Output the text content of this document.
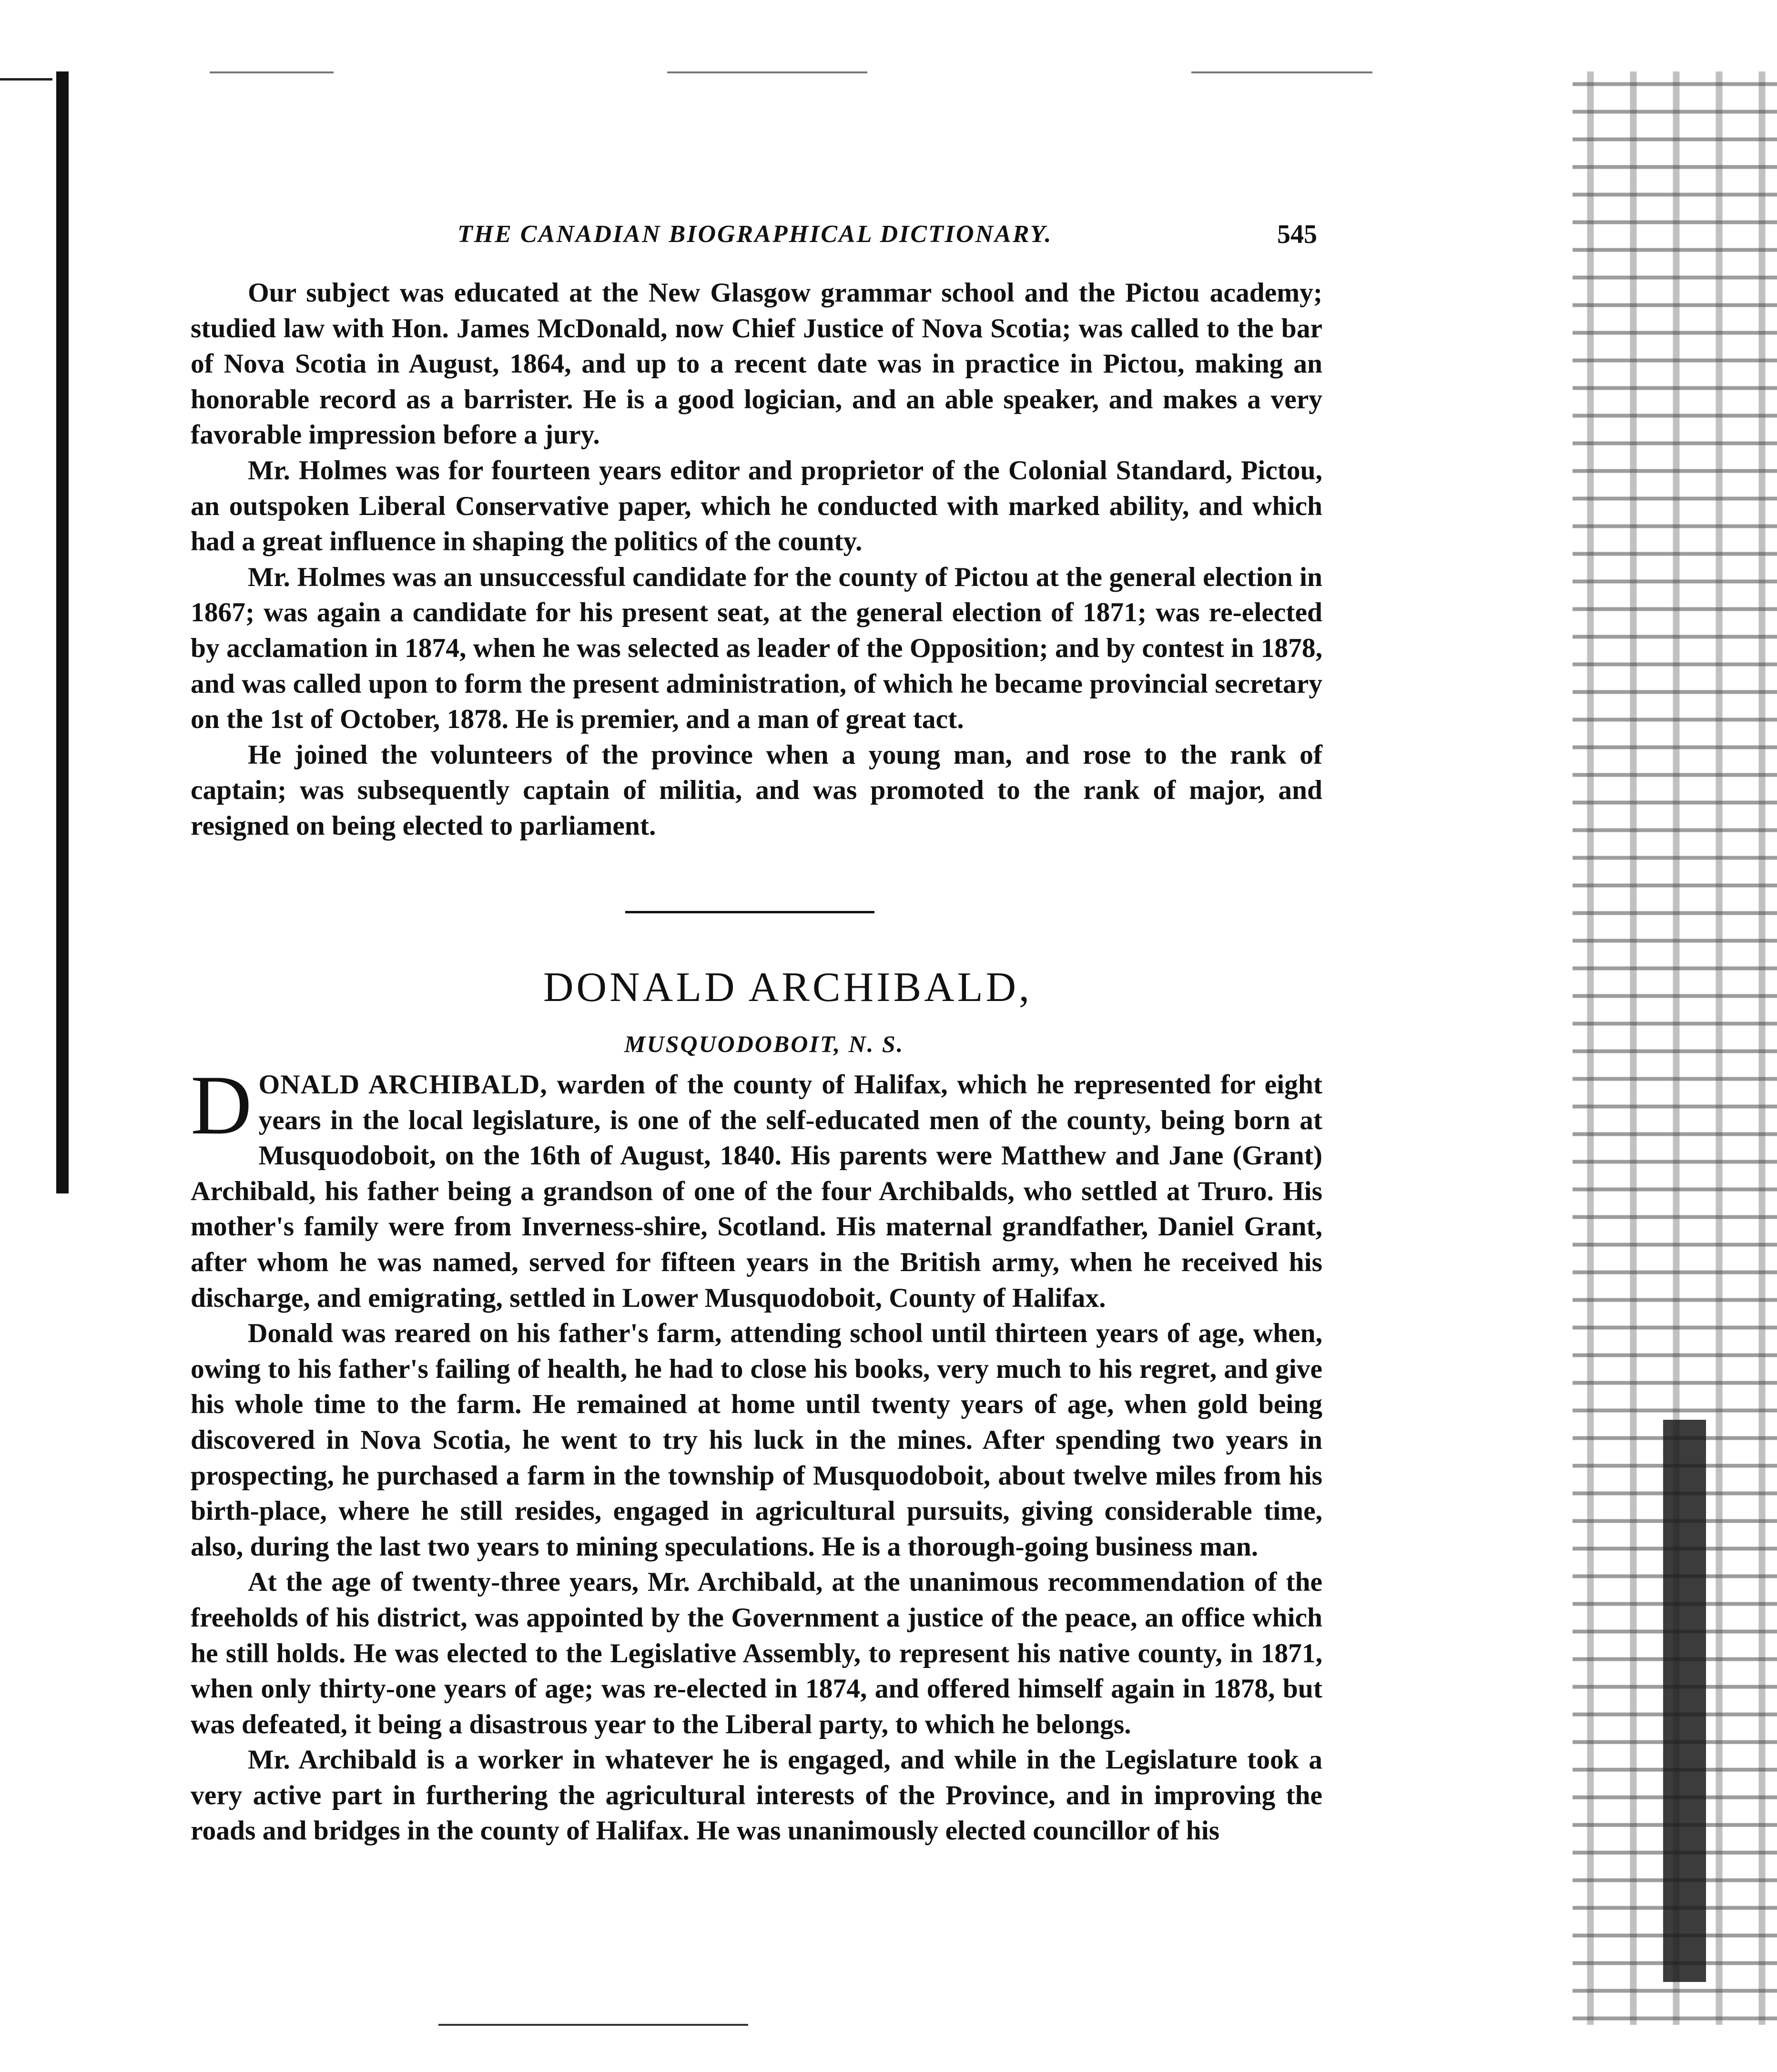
THE CANADIAN BIOGRAPHICAL DICTIONARY.	545

Our subject was educated at the New Glasgow grammar school and the Pictou academy; studied law with Hon. James McDonald, now Chief Justice of Nova Scotia; was called to the bar of Nova Scotia in August, 1864, and up to a recent date was in practice in Pictou, making an honorable record as a barrister. He is a good logician, and an able speaker, and makes a very favorable impression before a jury.

Mr. Holmes was for fourteen years editor and proprietor of the Colonial Standard, Pictou, an outspoken Liberal Conservative paper, which he conducted with marked ability, and which had a great influence in shaping the politics of the county.

Mr. Holmes was an unsuccessful candidate for the county of Pictou at the general election in 1867; was again a candidate for his present seat, at the general election of 1871; was re-elected by acclamation in 1874, when he was selected as leader of the Opposition; and by contest in 1878, and was called upon to form the present administration, of which he became provincial secretary on the 1st of October, 1878. He is premier, and a man of great tact.

He joined the volunteers of the province when a young man, and rose to the rank of captain; was subsequently captain of militia, and was promoted to the rank of major, and resigned on being elected to parliament.

DONALD ARCHIBALD,
MUSQUODOBOIT, N. S.

DONALD ARCHIBALD, warden of the county of Halifax, which he represented for eight years in the local legislature, is one of the self-educated men of the county, being born at Musquodoboit, on the 16th of August, 1840. His parents were Matthew and Jane (Grant) Archibald, his father being a grandson of one of the four Archibalds, who settled at Truro. His mother's family were from Inverness-shire, Scotland. His maternal grandfather, Daniel Grant, after whom he was named, served for fifteen years in the British army, when he received his discharge, and emigrating, settled in Lower Musquodoboit, County of Halifax.

Donald was reared on his father's farm, attending school until thirteen years of age, when, owing to his father's failing of health, he had to close his books, very much to his regret, and give his whole time to the farm. He remained at home until twenty years of age, when gold being discovered in Nova Scotia, he went to try his luck in the mines. After spending two years in prospecting, he purchased a farm in the township of Musquodoboit, about twelve miles from his birth-place, where he still resides, engaged in agricultural pursuits, giving considerable time, also, during the last two years to mining speculations. He is a thorough-going business man.

At the age of twenty-three years, Mr. Archibald, at the unanimous recommendation of the freeholds of his district, was appointed by the Government a justice of the peace, an office which he still holds. He was elected to the Legislative Assembly, to represent his native county, in 1871, when only thirty-one years of age; was re-elected in 1874, and offered himself again in 1878, but was defeated, it being a disastrous year to the Liberal party, to which he belongs.

Mr. Archibald is a worker in whatever he is engaged, and while in the Legislature took a very active part in furthering the agricultural interests of the Province, and in improving the roads and bridges in the county of Halifax. He was unanimously elected councillor of his
